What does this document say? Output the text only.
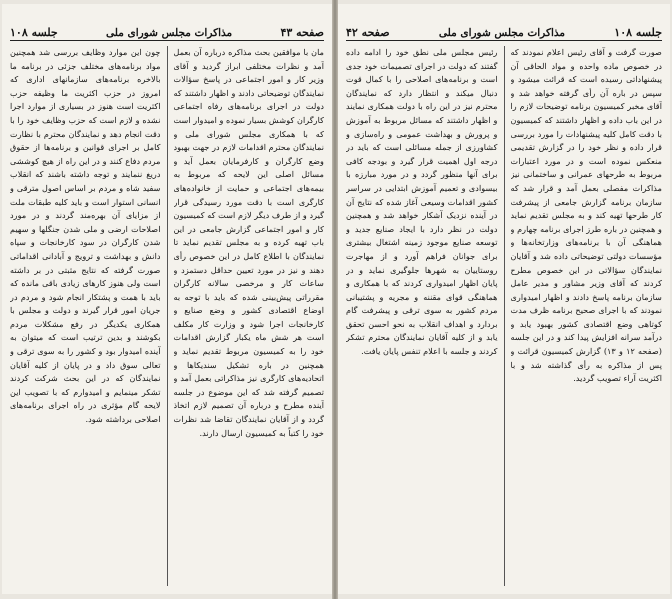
صفحه ۴۳
مذاکرات مجلس شورای ملی
جلسه ۱۰۸

مان با موافقین بحث مذاکره درباره آن بعمل آمد و نظرات مختلفی ابراز گردید و آقای وزیر کار و امور اجتماعی در پاسخ سؤالات نمایندگان توضیحاتی دادند و اظهار داشتند که دولت در اجرای برنامه‌های رفاه اجتماعی کارگران کوشش بسیار نموده و امیدوار است که با همکاری مجلس شورای ملی و نمایندگان محترم اقدامات لازم در جهت بهبود وضع کارگران و کارفرمایان بعمل آید و مسائل اصلی این لایحه که مربوط به بیمه‌های اجتماعی و حمایت از خانواده‌های کارگری است با دقت مورد رسیدگی قرار گیرد و از طرف دیگر لازم است که کمیسیون کار و امور اجتماعی گزارش جامعی در این باب تهیه کرده و به مجلس تقدیم نماید تا نمایندگان با اطلاع کامل در این خصوص رأی دهند و نیز در مورد تعیین حداقل دستمزد و ساعات کار و مرخصی سالانه کارگران مقرراتی پیش‌بینی شده که باید با توجه به اوضاع اقتصادی کشور و وضع صنایع و کارخانجات اجرا شود و وزارت کار مکلف است هر شش ماه یکبار گزارش اقدامات خود را به کمیسیون مربوط تقدیم نماید و همچنین در باره تشکیل سندیکاها و اتحادیه‌های کارگری نیز مذاکراتی بعمل آمد و تصمیم گرفته شد که این موضوع در جلسه آینده مطرح و درباره آن تصمیم لازم اتخاذ گردد و از آقایان نمایندگان تقاضا شد نظرات خود را کتباً به کمیسیون ارسال دارند.

چون این موارد وظایف بررسی شد همچنین مواد برنامه‌های مختلف جزئی در برنامه ما بالاخره برنامه‌های سازمانهای اداری که امروز در حزب اکثریت ما وظیفه حزب اکثریت است هنوز در بسیاری از موارد اجرا نشده و لازم است که حزب وظایف خود را با دقت انجام دهد و نمایندگان محترم با نظارت کامل بر اجرای قوانین و برنامه‌ها از حقوق مردم دفاع کنند و در این راه از هیچ کوششی دریغ ننمایند و توجه داشته باشند که انقلاب سفید شاه و مردم بر اساس اصول مترقی و انسانی استوار است و باید کلیه طبقات ملت از مزایای آن بهره‌مند گردند و در مورد اصلاحات ارضی و ملی شدن جنگلها و سهیم شدن کارگران در سود کارخانجات و سپاه دانش و بهداشت و ترویج و آبادانی اقداماتی صورت گرفته که نتایج مثبتی در بر داشته است ولی هنوز کارهای زیادی باقی مانده که باید با همت و پشتکار انجام شود و مردم در جریان امور قرار گیرند و دولت و مجلس با همکاری یکدیگر در رفع مشکلات مردم بکوشند و بدین ترتیب است که میتوان به آینده امیدوار بود و کشور را به سوی ترقی و تعالی سوق داد و در پایان از کلیه آقایان نمایندگان که در این بحث شرکت کردند تشکر مینمایم و امیدوارم که با تصویب این لایحه گام مؤثری در راه اجرای برنامه‌های اصلاحی برداشته شود.

جلسه ۱۰۸
مذاکرات مجلس شورای ملی
صفحه ۴۲

صورت گرفت و آقای رئیس اعلام نمودند که در خصوص ماده واحده و مواد الحاقی آن پیشنهاداتی رسیده است که قرائت میشود و سپس در باره آن رأی گرفته خواهد شد و آقای مخبر کمیسیون برنامه توضیحات لازم را در این باب داده و اظهار داشتند که کمیسیون با دقت کامل کلیه پیشنهادات را مورد بررسی قرار داده و نظر خود را در گزارش تقدیمی منعکس نموده است و در مورد اعتبارات مربوط به طرحهای عمرانی و ساختمانی نیز مذاکرات مفصلی بعمل آمد و قرار شد که سازمان برنامه گزارش جامعی از پیشرفت کار طرحها تهیه کند و به مجلس تقدیم نماید و همچنین در باره طرز اجرای برنامه چهارم و هماهنگی آن با برنامه‌های وزارتخانه‌ها و مؤسسات دولتی توضیحاتی داده شد و آقایان نمایندگان سؤالاتی در این خصوص مطرح کردند که آقای وزیر مشاور و مدیر عامل سازمان برنامه پاسخ دادند و اظهار امیدواری نمودند که با اجرای صحیح برنامه ظرف مدت کوتاهی وضع اقتصادی کشور بهبود یابد و درآمد سرانه افزایش پیدا کند و در این جلسه (صفحه ۱۲ و ۱۳) گزارش کمیسیون قرائت و پس از مذاکره به رأی گذاشته شد و با اکثریت آراء تصویب گردید.

رئیس مجلس ملی نطق خود را ادامه داده گفتند که دولت در اجرای تصمیمات خود جدی است و برنامه‌های اصلاحی را با کمال قوت دنبال میکند و انتظار دارد که نمایندگان محترم نیز در این راه با دولت همکاری نمایند و اظهار داشتند که مسائل مربوط به آموزش و پرورش و بهداشت عمومی و راه‌سازی و کشاورزی از جمله مسائلی است که باید در درجه اول اهمیت قرار گیرد و بودجه کافی برای آنها منظور گردد و در مورد مبارزه با بیسوادی و تعمیم آموزش ابتدایی در سراسر کشور اقدامات وسیعی آغاز شده که نتایج آن در آینده نزدیک آشکار خواهد شد و همچنین دولت در نظر دارد با ایجاد صنایع جدید و توسعه صنایع موجود زمینه اشتغال بیشتری برای جوانان فراهم آورد و از مهاجرت روستاییان به شهرها جلوگیری نماید و در پایان اظهار امیدواری کردند که با همکاری و هماهنگی قوای مقننه و مجریه و پشتیبانی مردم کشور به سوی ترقی و پیشرفت گام بردارد و اهداف انقلاب به نحو احسن تحقق یابد و از کلیه آقایان نمایندگان محترم تشکر کردند و جلسه با اعلام تنفس پایان یافت.
